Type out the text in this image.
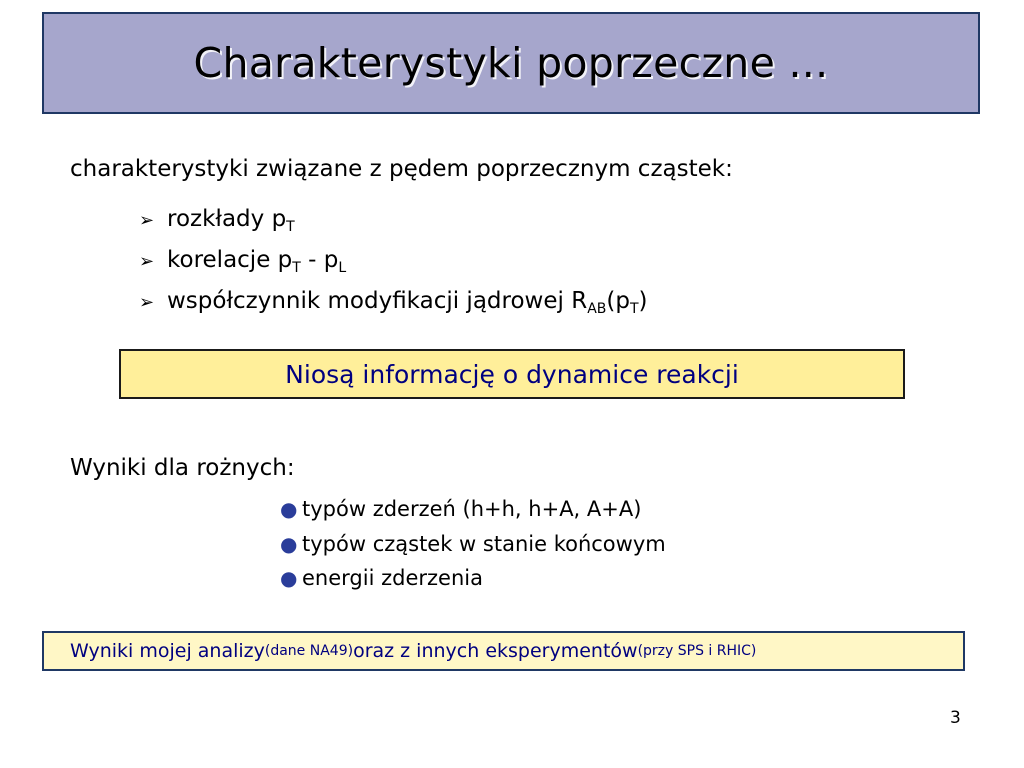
Charakterystyki poprzeczne ...
charakterystyki związane z pędem poprzecznym cząstek:
➢ rozkłady $p_T$
➢ korelacje $p_T - p_L$
➢ współczynnik modyfikacji jądrowej $R_{AB}(p_T)$
Niosą informację o dynamice reakcji
Wyniki dla rożnych:
● typów zderzeń (h+h, h+A, A+A)
● typów cząstek w stanie końcowym
● energii zderzenia
Wyniki mojej analizy (dane NA49) oraz z innych eksperymentów (przy SPS i RHIC)
3
